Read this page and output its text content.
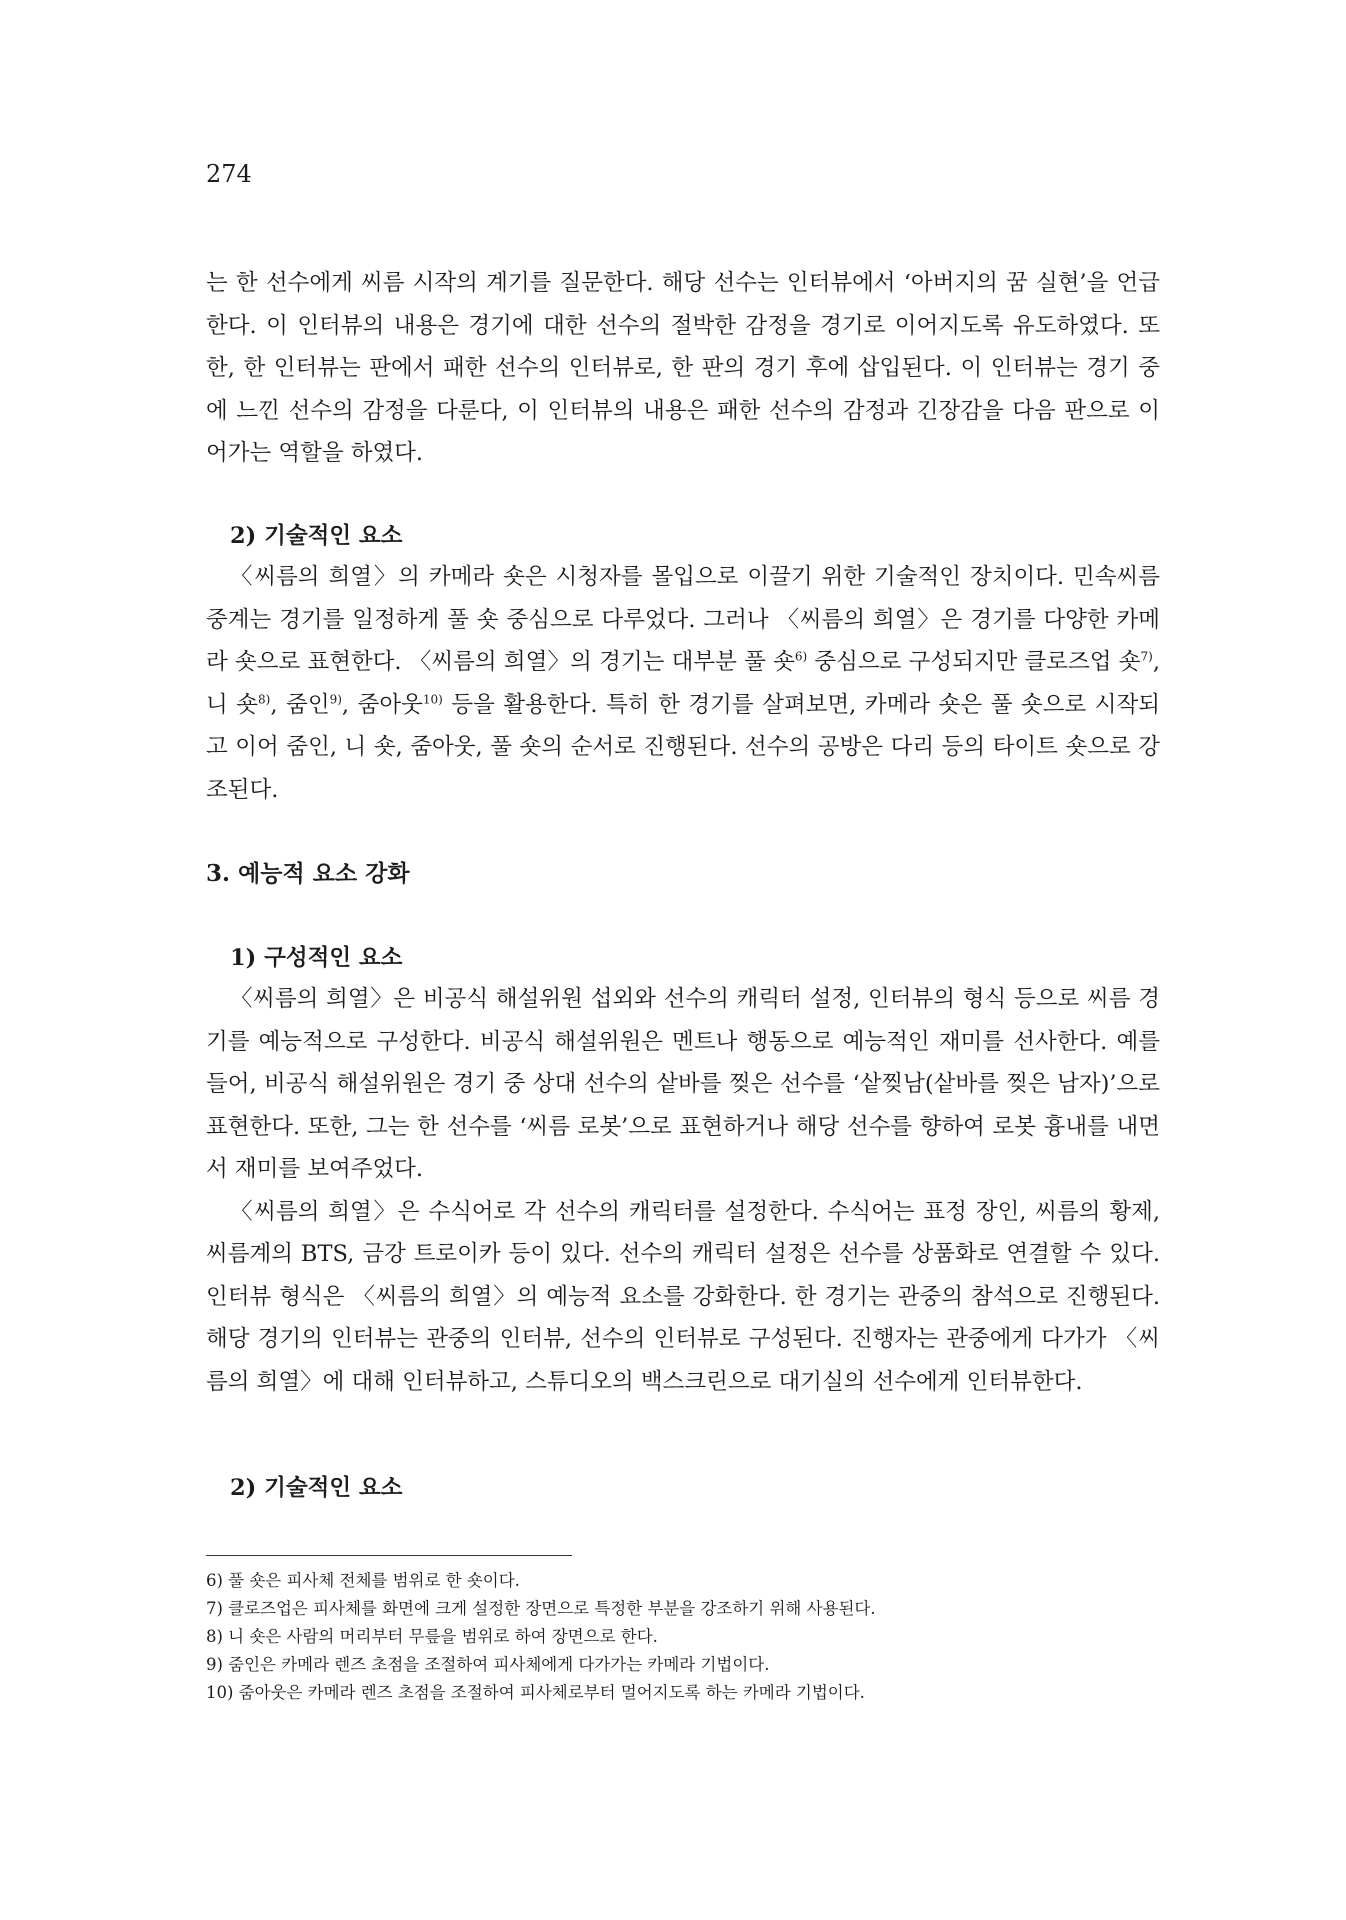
274

는 한 선수에게 씨름 시작의 계기를 질문한다. 해당 선수는 인터뷰에서 ‘아버지의 꿈 실현’을 언급한다. 이 인터뷰의 내용은 경기에 대한 선수의 절박한 감정을 경기로 이어지도록 유도하였다. 또한, 한 인터뷰는 판에서 패한 선수의 인터뷰로, 한 판의 경기 후에 삽입된다. 이 인터뷰는 경기 중에 느낀 선수의 감정을 다룬다, 이 인터뷰의 내용은 패한 선수의 감정과 긴장감을 다음 판으로 이어가는 역할을 하였다.

2) 기술적인 요소

〈씨름의 희열〉의 카메라 숏은 시청자를 몰입으로 이끌기 위한 기술적인 장치이다. 민속씨름 중계는 경기를 일정하게 풀 숏 중심으로 다루었다. 그러나 〈씨름의 희열〉은 경기를 다양한 카메라 숏으로 표현한다. 〈씨름의 희열〉의 경기는 대부분 풀 숏$^{6)}$ 중심으로 구성되지만 클로즈업 숏$^{7)}$, 니 숏$^{8)}$, 줌인$^{9)}$, 줌아웃$^{10)}$ 등을 활용한다. 특히 한 경기를 살펴보면, 카메라 숏은 풀 숏으로 시작되고 이어 줌인, 니 숏, 줌아웃, 풀 숏의 순서로 진행된다. 선수의 공방은 다리 등의 타이트 숏으로 강조된다.

3. 예능적 요소 강화
1) 구성적인 요소

〈씨름의 희열〉은 비공식 해설위원 섭외와 선수의 캐릭터 설정, 인터뷰의 형식 등으로 씨름 경기를 예능적으로 구성한다. 비공식 해설위원은 멘트나 행동으로 예능적인 재미를 선사한다. 예를 들어, 비공식 해설위원은 경기 중 상대 선수의 샅바를 찢은 선수를 ‘샅찢남(샅바를 찢은 남자)’으로 표현한다. 또한, 그는 한 선수를 ‘씨름 로봇’으로 표현하거나 해당 선수를 향하여 로봇 흉내를 내면서 재미를 보여주었다.

〈씨름의 희열〉은 수식어로 각 선수의 캐릭터를 설정한다. 수식어는 표정 장인, 씨름의 황제, 씨름계의 BTS, 금강 트로이카 등이 있다. 선수의 캐릭터 설정은 선수를 상품화로 연결할 수 있다. 인터뷰 형식은 〈씨름의 희열〉의 예능적 요소를 강화한다. 한 경기는 관중의 참석으로 진행된다. 해당 경기의 인터뷰는 관중의 인터뷰, 선수의 인터뷰로 구성된다. 진행자는 관중에게 다가가 〈씨름의 희열〉에 대해 인터뷰하고, 스튜디오의 백스크린으로 대기실의 선수에게 인터뷰한다.

2) 기술적인 요소

6) 풀 숏은 피사체 전체를 범위로 한 숏이다.

7) 클로즈업은 피사체를 화면에 크게 설정한 장면으로 특정한 부분을 강조하기 위해 사용된다.

8) 니 숏은 사람의 머리부터 무릎을 범위로 하여 장면으로 한다.

9) 줌인은 카메라 렌즈 초점을 조절하여 피사체에게 다가가는 카메라 기법이다.

10) 줌아웃은 카메라 렌즈 초점을 조절하여 피사체로부터 멀어지도록 하는 카메라 기법이다.
